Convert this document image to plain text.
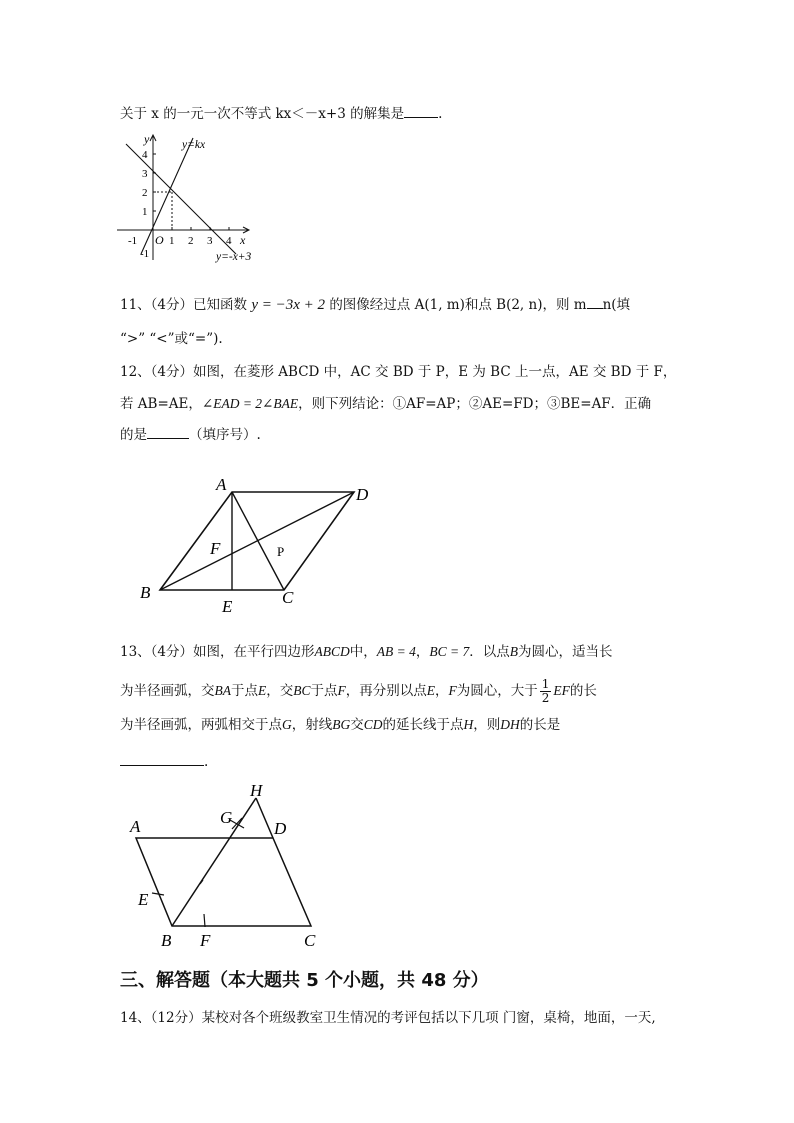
关于 x 的一元一次不等式 kx＜－x+3 的解集是	.
y
x
O
y=kx
y=-x+3
4
3
2
1
-1
-1	1 2 3 4
11、（4分）已知函数 y = −3x + 2 的图像经过点 A(1, m)和点 B(2, n)，则 m n(填
“>” “<”或“=”).
12、（4分）如图，在菱形 ABCD 中，AC 交 BD 于 P，E 为 BC 上一点，AE 交 BD 于 F，
若 AB=AE，∠EAD = 2∠BAE，则下列结论：①AF=AP；②AE=FD；③BE=AF．正确
的是	（填序号）.
A
D
F	P
B
E	C
13、（4分）如图，在平行四边形ABCD中，AB = 4，BC = 7．以点B为圆心，适当长
为半径画弧，交BA于点E，交BC于点F，再分别以点E，F为圆心，大于 $\frac{1}{2}$ EF的长
为半径画弧，两弧相交于点G，射线BG交CD的延长线于点H，则DH的长是
.
H
A	G
D
E
B F	C
三、解答题（本大题共 5 个小题，共 48 分）
14、（12分）某校对各个班级教室卫生情况的考评包括以下几项 门窗，桌椅，地面，一天,
